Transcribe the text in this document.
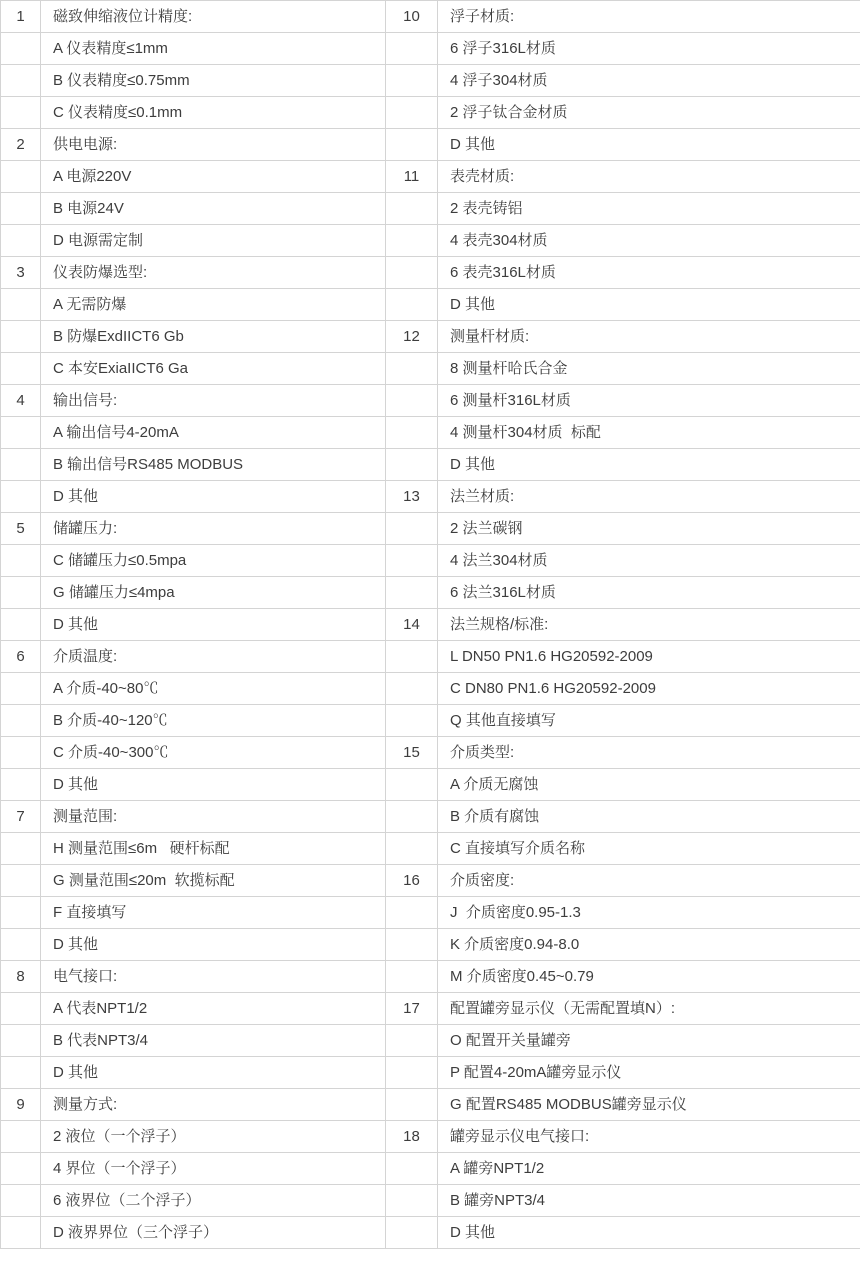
1	磁致伸缩液位计精度:	10	浮子材质:
	A 仪表精度≤1mm		6 浮子316L材质
	B 仪表精度≤0.75mm		4 浮子304材质
	C 仪表精度≤0.1mm		2 浮子钛合金材质
2	供电电源:		D 其他
	A 电源220V	11	表壳材质:
	B 电源24V		2 表壳铸铝
	D 电源需定制		4 表壳304材质
3	仪表防爆选型:		6 表壳316L材质
	A 无需防爆		D 其他
	B 防爆ExdIICT6 Gb	12	测量杆材质:
	C 本安ExiaIICT6 Ga		8 测量杆哈氏合金
4	输出信号:		6 测量杆316L材质
	A 输出信号4-20mA		4 测量杆304材质  标配
	B 输出信号RS485 MODBUS		D 其他
	D 其他	13	法兰材质:
5	储罐压力:		2 法兰碳钢
	C 储罐压力≤0.5mpa		4 法兰304材质
	G 储罐压力≤4mpa		6 法兰316L材质
	D 其他	14	法兰规格/标准:
6	介质温度:		L DN50 PN1.6 HG20592-2009
	A 介质-40~80℃		C DN80 PN1.6 HG20592-2009
	B 介质-40~120℃		Q 其他直接填写
	C 介质-40~300℃	15	介质类型:
	D 其他		A 介质无腐蚀
7	测量范围:		B 介质有腐蚀
	H 测量范围≤6m   硬杆标配		C 直接填写介质名称
	G 测量范围≤20m  软揽标配	16	介质密度:
	F 直接填写		J  介质密度0.95-1.3
	D 其他		K 介质密度0.94-8.0
8	电气接口:		M 介质密度0.45~0.79
	A 代表NPT1/2	17	配置罐旁显示仪（无需配置填N）:
	B 代表NPT3/4		O 配置开关量罐旁
	D 其他		P 配置4-20mA罐旁显示仪
9	测量方式:		G 配置RS485 MODBUS罐旁显示仪
	2 液位（一个浮子）	18	罐旁显示仪电气接口:
	4 界位（一个浮子）		A 罐旁NPT1/2
	6 液界位（二个浮子）		B 罐旁NPT3/4
	D 液界界位（三个浮子）		D 其他
